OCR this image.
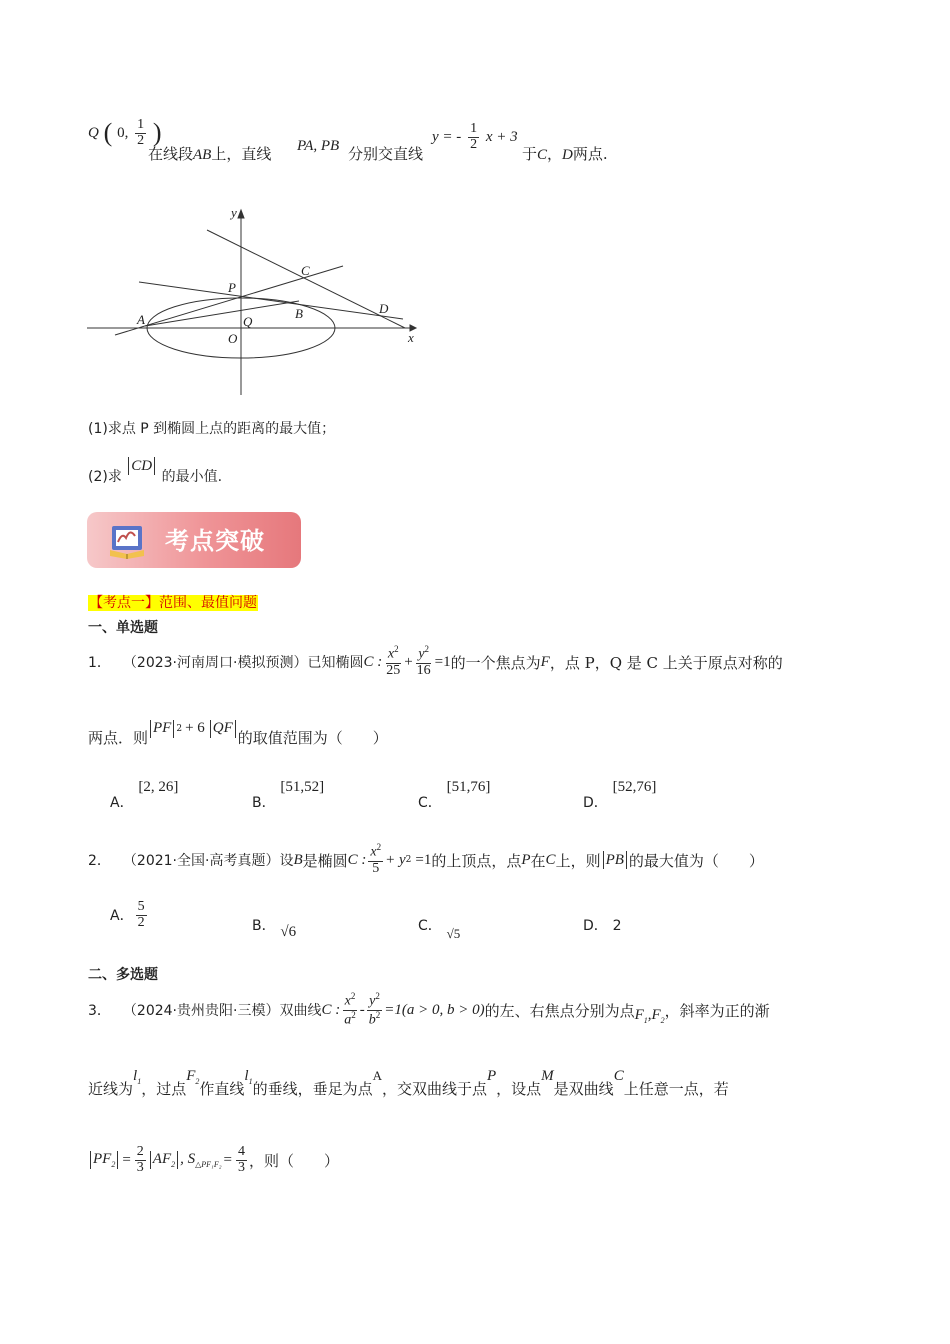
Q ( 0, $\frac{1}{2}$ )
在线段AB上，直线 PA, PB 分别交直线
y = - $\frac{1}{2}$ x + 3
于C，D两点.
y
x
C
P
D
A	Q
B
O
(1)求点 P 到椭圆上点的距离的最大值；
(2)求 CD 的最小值.
考点突破
【考点一】范围、最值问题
一、单选题
1． （2023·河南周口·模拟预测）已知椭圆 C : $\frac{x^2}{25} + \frac{y^2}{16} =1$ 的一个焦点为 F ，点 P，Q 是 C 上关于原点对称的
两点．则
PF 2 + 6 QF
的取值范围为（　　）
A． [2, 26]
B． [51,52]
C． [51,76]
D． [52,76]
2． （2021·全国·高考真题）设 B 是椭圆 C : $\frac{x^2}{5} + y$ 2 =1 的上顶点，点 P 在 C 上，则 PB 的最大值为（　　）
A． $\frac{5}{2}$	B． √6	C． √5	D． 2
二、多选题
3． （2024·贵州贵阳·三模）双曲线 C : $\frac{x^2}{a^2} - \frac{y^2}{b^2} =1(a > 0$, b > 0) 的左、右焦点分别为点 $F_1,F_2$
，斜率为正的渐
近线为
$l_1$ ，过点
$F_2$ 作直线
$l_1$ 的垂线，垂足为点
A
，交双曲线于点
P
，设点
M
是双曲线
C
上任意一点，若
$PF_2 = \frac{2}{3} AF_2$ , $S_{\triangle PF_1F_2} = \frac{4}{3}$ ，则（　　）
